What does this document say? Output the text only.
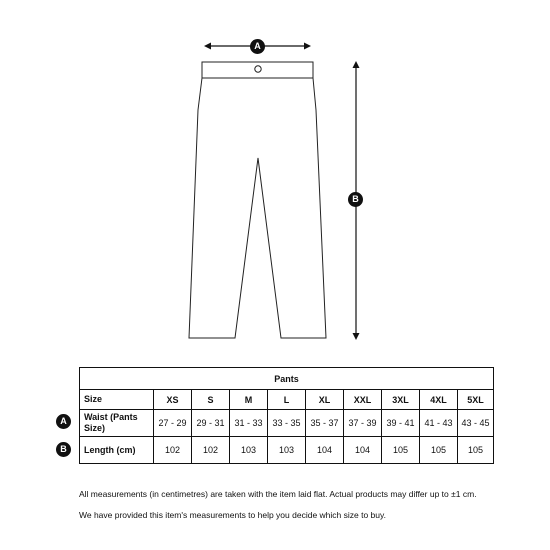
A
B
A
B
Pants									
Size	XS	S	M	L	XL	XXL	3XL	4XL	5XL
Waist (Pants Size)	27 - 29	29 - 31	31 - 33	33 - 35	35 - 37	37 - 39	39 - 41	41 - 43	43 - 45
Length (cm)	102	102	103	103	104	104	105	105	105
All measurements (in centimetres) are taken with the item laid flat. Actual products may differ up to ±1 cm.
We have provided this item's measurements to help you decide which size to buy.
